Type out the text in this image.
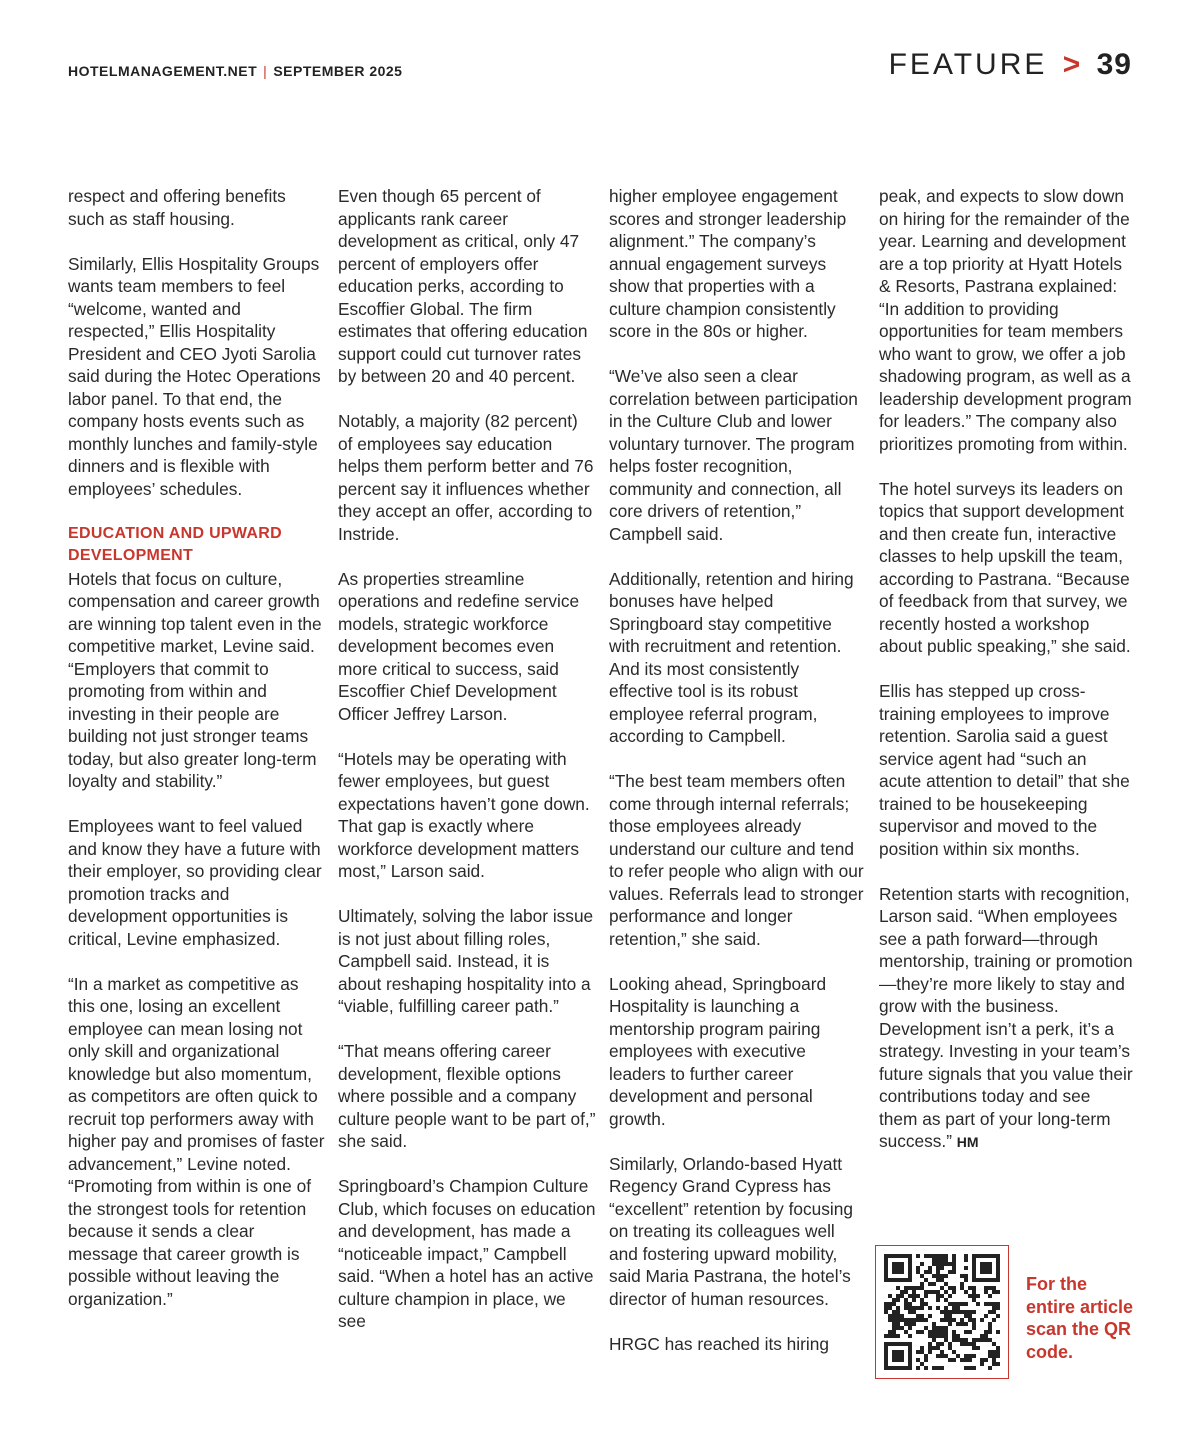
HOTELMANAGEMENT.NET | SEPTEMBER 2025	FEATURE > 39

respect and offering benefits such as staff housing.

Similarly, Ellis Hospitality Groups wants team members to feel “welcome, wanted and respected,” Ellis Hospitality President and CEO Jyoti Sarolia said during the Hotec Operations labor panel. To that end, the company hosts events such as monthly lunches and family-style dinners and is flexible with employees’ schedules.

EDUCATION AND UPWARD DEVELOPMENT

Hotels that focus on culture, compensation and career growth are winning top talent even in the competitive market, Levine said. “Employers that commit to promoting from within and investing in their people are building not just stronger teams today, but also greater long-term loyalty and stability.”

Employees want to feel valued and know they have a future with their employer, so providing clear promotion tracks and development opportunities is critical, Levine emphasized.

“In a market as competitive as this one, losing an excellent employee can mean losing not only skill and organizational knowledge but also momentum, as competitors are often quick to recruit top performers away with higher pay and promises of faster advancement,” Levine noted. “Promoting from within is one of the strongest tools for retention because it sends a clear message that career growth is possible without leaving the organization.”

Even though 65 percent of applicants rank career development as critical, only 47 percent of employers offer education perks, according to Escoffier Global. The firm estimates that offering education support could cut turnover rates by between 20 and 40 percent.

Notably, a majority (82 percent) of employees say education helps them perform better and 76 percent say it influences whether they accept an offer, according to Instride.

As properties streamline operations and redefine service models, strategic workforce development becomes even more critical to success, said Escoffier Chief Development Officer Jeffrey Larson.

“Hotels may be operating with fewer employees, but guest expectations haven’t gone down. That gap is exactly where workforce development matters most,” Larson said.

Ultimately, solving the labor issue is not just about filling roles, Campbell said. Instead, it is about reshaping hospitality into a “viable, fulfilling career path.”

“That means offering career development, flexible options where possible and a company culture people want to be part of,” she said.

Springboard’s Champion Culture Club, which focuses on education and development, has made a “noticeable impact,” Campbell said. “When a hotel has an active culture champion in place, we see

higher employee engagement scores and stronger leadership alignment.” The company’s annual engagement surveys show that properties with a culture champion consistently score in the 80s or higher.

“We’ve also seen a clear correlation between participation in the Culture Club and lower voluntary turnover. The program helps foster recognition, community and connection, all core drivers of retention,” Campbell said.

Additionally, retention and hiring bonuses have helped Springboard stay competitive with recruitment and retention. And its most consistently effective tool is its robust employee referral program, according to Campbell.

“The best team members often come through internal referrals; those employees already understand our culture and tend to refer people who align with our values. Referrals lead to stronger performance and longer retention,” she said.

Looking ahead, Springboard Hospitality is launching a mentorship program pairing employees with executive leaders to further career development and personal growth.

Similarly, Orlando-based Hyatt Regency Grand Cypress has “excellent” retention by focusing on treating its colleagues well and fostering upward mobility, said Maria Pastrana, the hotel’s director of human resources.

HRGC has reached its hiring

peak, and expects to slow down on hiring for the remainder of the year. Learning and development are a top priority at Hyatt Hotels & Resorts, Pastrana explained: “In addition to providing opportunities for team members who want to grow, we offer a job shadowing program, as well as a leadership development program for leaders.” The company also prioritizes promoting from within.

The hotel surveys its leaders on topics that support development and then create fun, interactive classes to help upskill the team, according to Pastrana. “Because of feedback from that survey, we recently hosted a workshop about public speaking,” she said.

Ellis has stepped up cross-training employees to improve retention. Sarolia said a guest service agent had “such an acute attention to detail” that she trained to be housekeeping supervisor and moved to the position within six months.

Retention starts with recognition, Larson said. “When employees see a path forward—through mentorship, training or promotion—they’re more likely to stay and grow with the business. Development isn’t a perk, it’s a strategy. Investing in your team’s future signals that you value their contributions today and see them as part of your long-term success.” HM

For the entire article scan the QR code.
